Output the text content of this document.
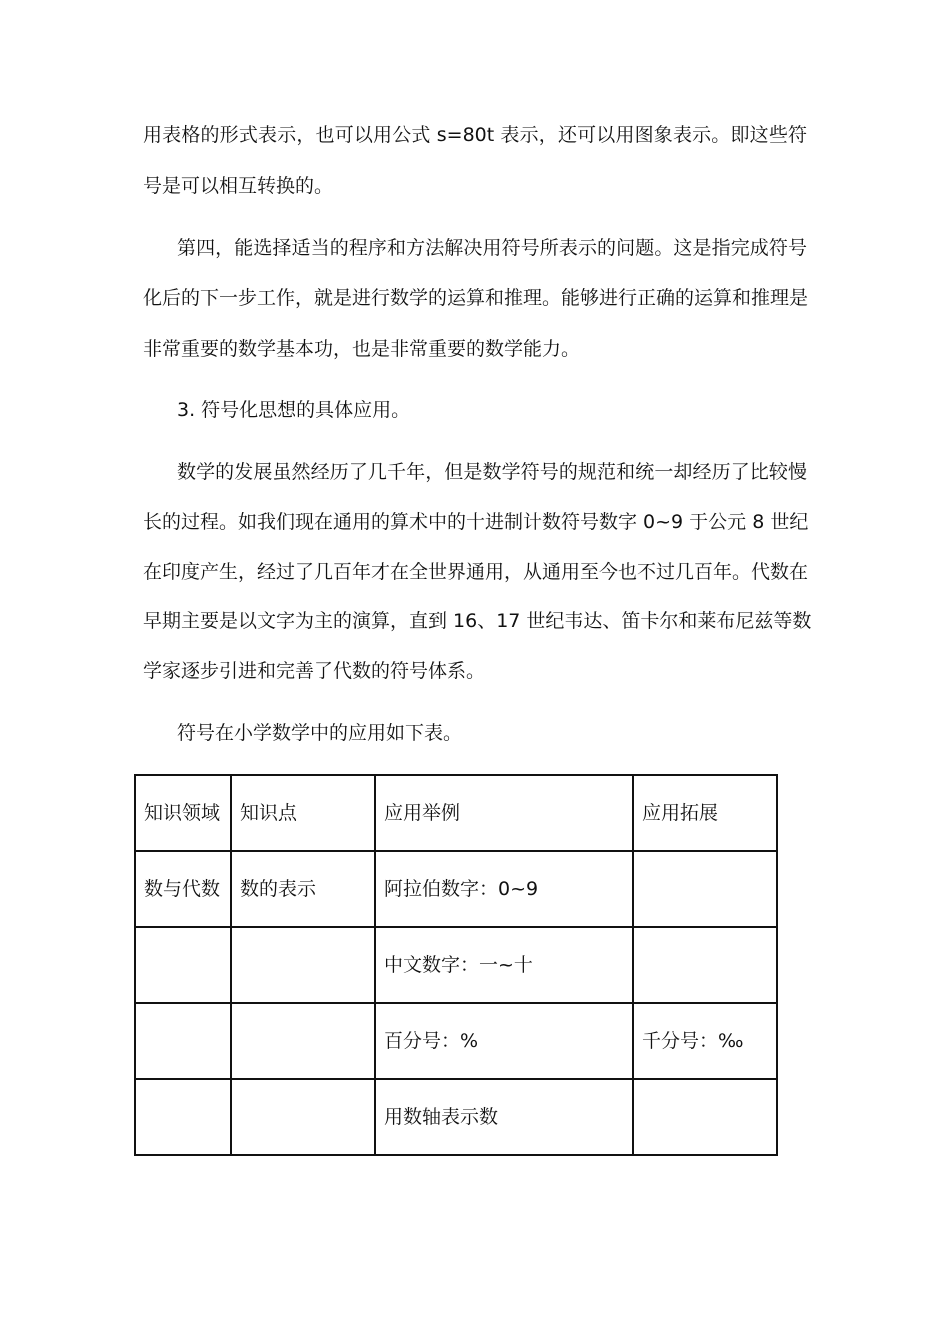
用表格的形式表示，也可以用公式 s=80t 表示，还可以用图象表示。即这些符

号是可以相互转换的。

第四，能选择适当的程序和方法解决用符号所表示的问题。这是指完成符号

化后的下一步工作，就是进行数学的运算和推理。能够进行正确的运算和推理是

非常重要的数学基本功，也是非常重要的数学能力。

3. 符号化思想的具体应用。

数学的发展虽然经历了几千年，但是数学符号的规范和统一却经历了比较慢

长的过程。如我们现在通用的算术中的十进制计数符号数字 0~9 于公元 8 世纪

在印度产生，经过了几百年才在全世界通用，从通用至今也不过几百年。代数在

早期主要是以文字为主的演算，直到 16、17 世纪韦达、笛卡尔和莱布尼兹等数

学家逐步引进和完善了代数的符号体系。

符号在小学数学中的应用如下表。

知识领域	知识点	应用举例	应用拓展
数与代数	数的表示	阿拉伯数字：0~9	
		中文数字：一~十	
		百分号：%	千分号：‰
		用数轴表示数	
